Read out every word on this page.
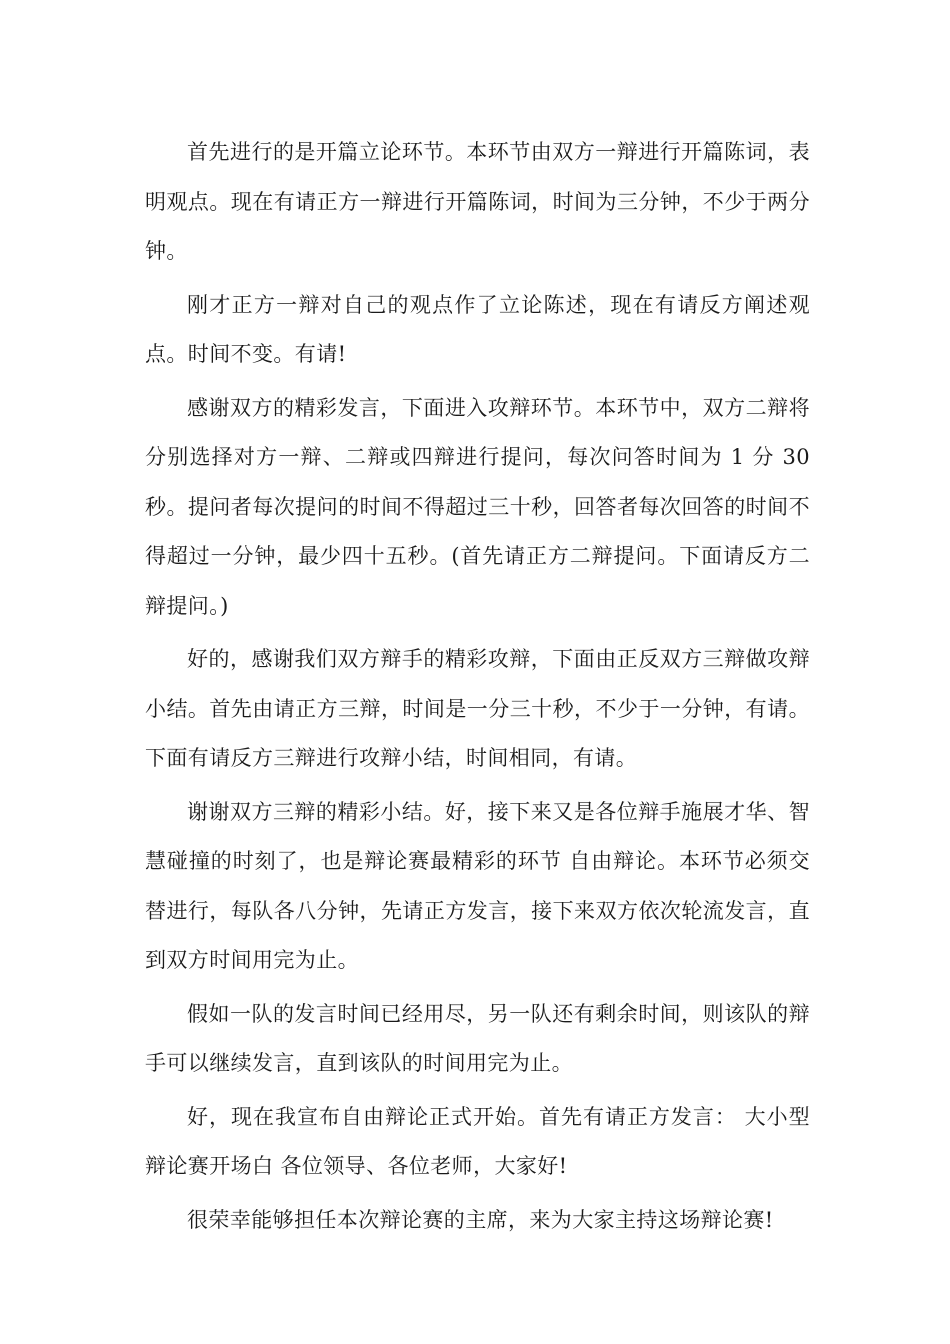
首先进行的是开篇立论环节。本环节由双方一辩进行开篇陈词，表明观点。现在有请正方一辩进行开篇陈词，时间为三分钟，不少于两分钟。

刚才正方一辩对自己的观点作了立论陈述，现在有请反方阐述观点。时间不变。有请!

感谢双方的精彩发言，下面进入攻辩环节。本环节中，双方二辩将分别选择对方一辩、二辩或四辩进行提问，每次问答时间为 1 分 30 秒。提问者每次提问的时间不得超过三十秒，回答者每次回答的时间不得超过一分钟，最少四十五秒。(首先请正方二辩提问。下面请反方二辩提问。)

好的，感谢我们双方辩手的精彩攻辩，下面由正反双方三辩做攻辩小结。首先由请正方三辩，时间是一分三十秒，不少于一分钟，有请。下面有请反方三辩进行攻辩小结，时间相同，有请。

谢谢双方三辩的精彩小结。好，接下来又是各位辩手施展才华、智慧碰撞的时刻了，也是辩论赛最精彩的环节 自由辩论。本环节必须交替进行，每队各八分钟，先请正方发言，接下来双方依次轮流发言，直到双方时间用完为止。

假如一队的发言时间已经用尽，另一队还有剩余时间，则该队的辩手可以继续发言，直到该队的时间用完为止。

好，现在我宣布自由辩论正式开始。首先有请正方发言： 大小型辩论赛开场白 各位领导、各位老师，大家好!

很荣幸能够担任本次辩论赛的主席，来为大家主持这场辩论赛!
